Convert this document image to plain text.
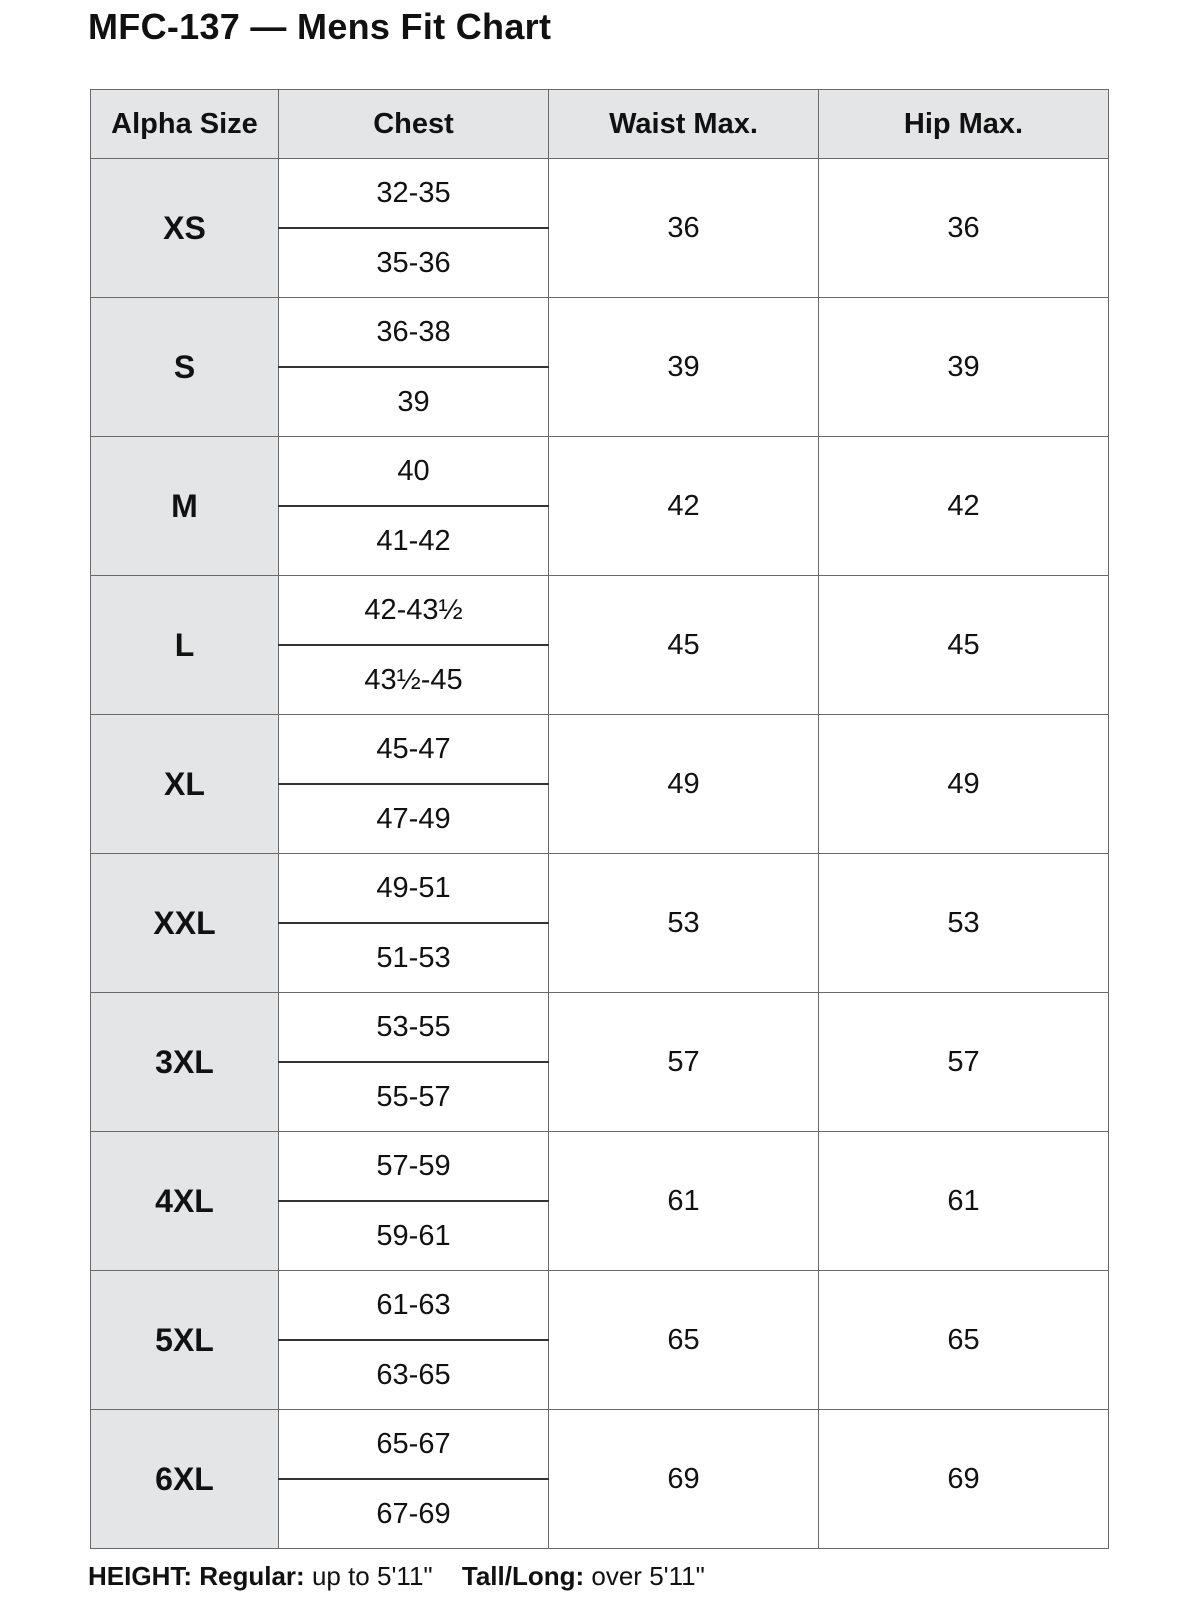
MFC-137 — Mens Fit Chart
Alpha Size	Chest	Waist Max.	Hip Max.
XS	32-35	36	36
	35-36		
S	36-38	39	39
	39		
M	40	42	42
	41-42		
L	42-43½	45	45
	43½-45		
XL	45-47	49	49
	47-49		
XXL	49-51	53	53
	51-53		
3XL	53-55	57	57
	55-57		
4XL	57-59	61	61
	59-61		
5XL	61-63	65	65
	63-65		
6XL	65-67	69	69
	67-69		
HEIGHT: Regular: up to 5'11" Tall/Long: over 5'11"
